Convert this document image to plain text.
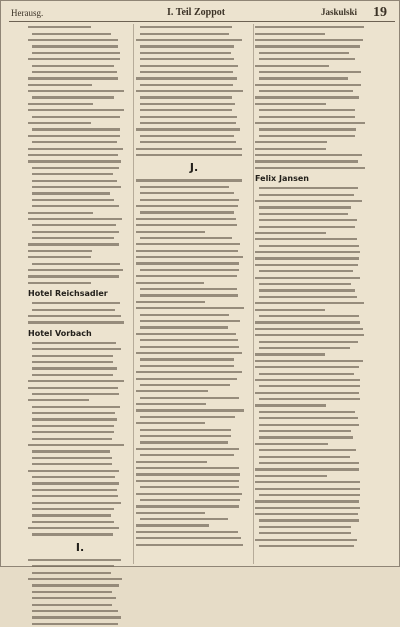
Herausg.	I. Teil Zoppot	Jaskulski 19
Hotel Reichsadler
Hotel Vorbach
I.
J.
Felix Jansen
